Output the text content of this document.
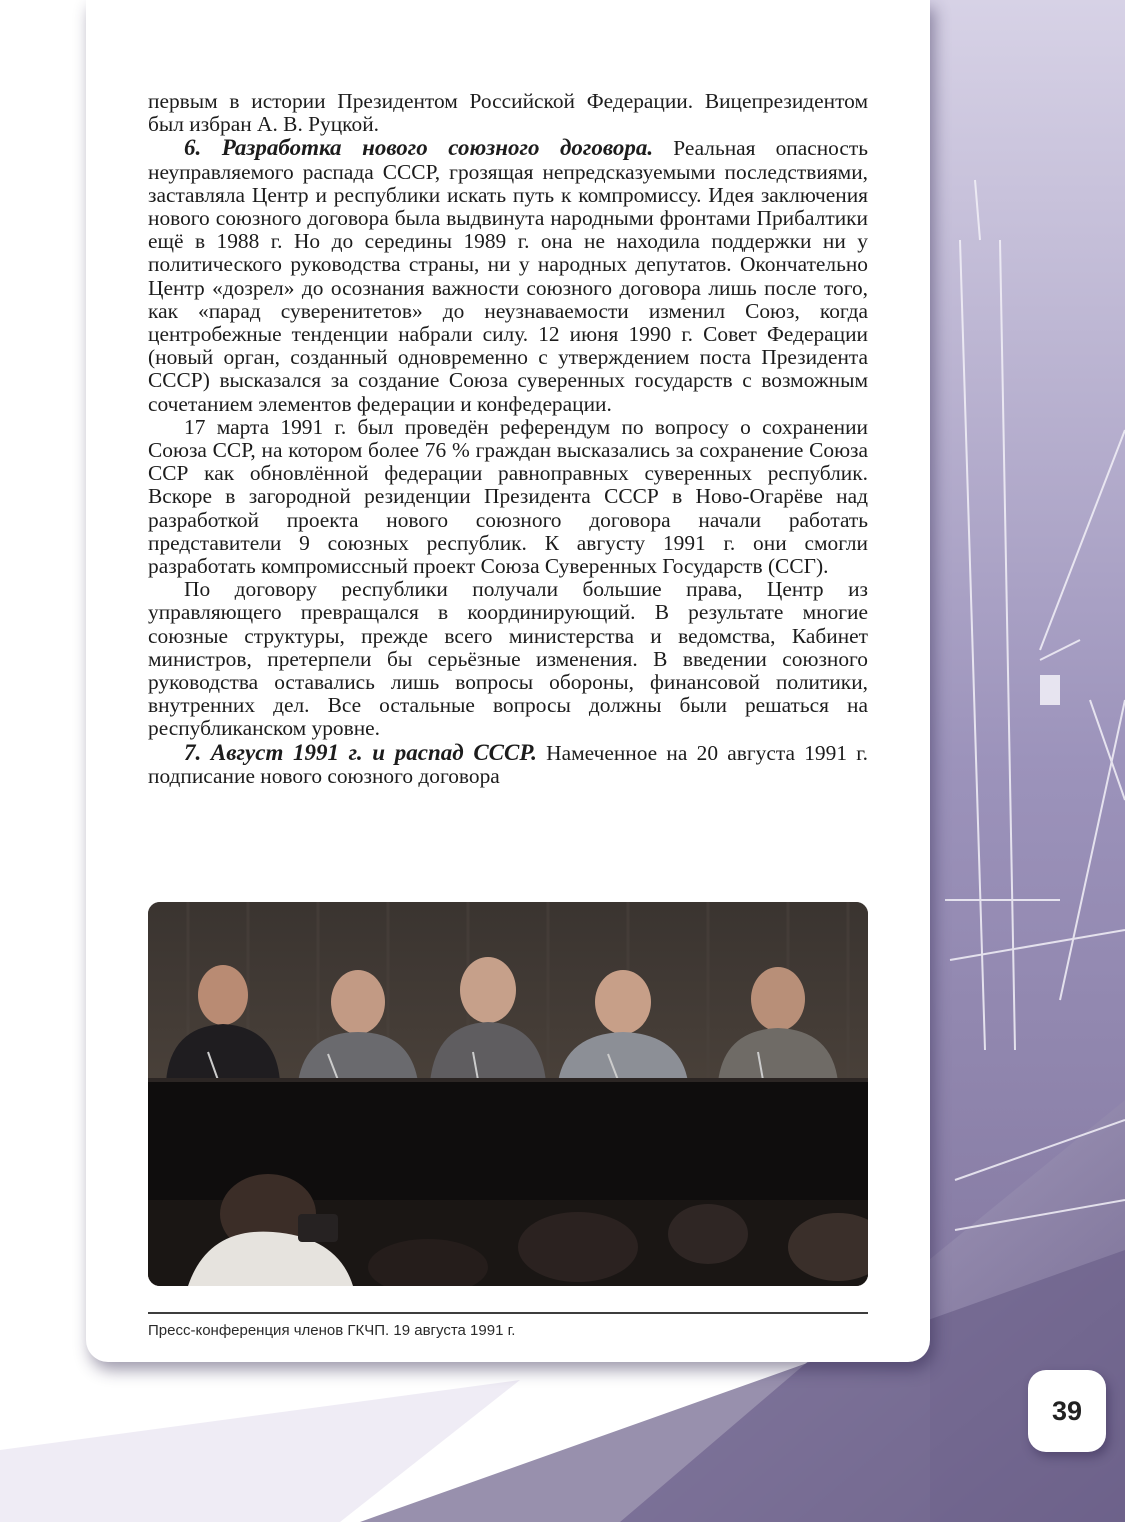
первым в истории Президентом Российской Федерации. Вицепрезидентом был избран А. В. Руцкой.

6. Разработка нового союзного договора. Реальная опасность неуправляемого распада СССР, грозящая непредсказуемыми последствиями, заставляла Центр и республики искать путь к компромиссу. Идея заключения нового союзного договора была выдвинута народными фронтами Прибалтики ещё в 1988 г. Но до середины 1989 г. она не находила поддержки ни у политического руководства страны, ни у народных депутатов. Окончательно Центр «дозрел» до осознания важности союзного договора лишь после того, как «парад суверенитетов» до неузнаваемости изменил Союз, когда центробежные тенденции набрали силу. 12 июня 1990 г. Совет Федерации (новый орган, созданный одновременно с утверждением поста Президента СССР) высказался за создание Союза суверенных государств с возможным сочетанием элементов федерации и конфедерации.

17 марта 1991 г. был проведён референдум по вопросу о сохранении Союза ССР, на котором более 76 % граждан высказались за сохранение Союза ССР как обновлённой федерации равноправных суверенных республик. Вскоре в загородной резиденции Президента СССР в Ново-Огарёве над разработкой проекта нового союзного договора начали работать представители 9 союзных республик. К августу 1991 г. они смогли разработать компромиссный проект Союза Суверенных Государств (ССГ).

По договору республики получали большие права, Центр из управляющего превращался в координирующий. В результате многие союзные структуры, прежде всего министерства и ведомства, Кабинет министров, претерпели бы серьёзные изменения. В введении союзного руководства оставались лишь вопросы обороны, финансовой политики, внутренних дел. Все остальные вопросы должны были решаться на республиканском уровне.

7. Август 1991 г. и распад СССР. Намеченное на 20 августа 1991 г. подписание нового союзного договора

Пресс-конференция членов ГКЧП. 19 августа 1991 г.
39
